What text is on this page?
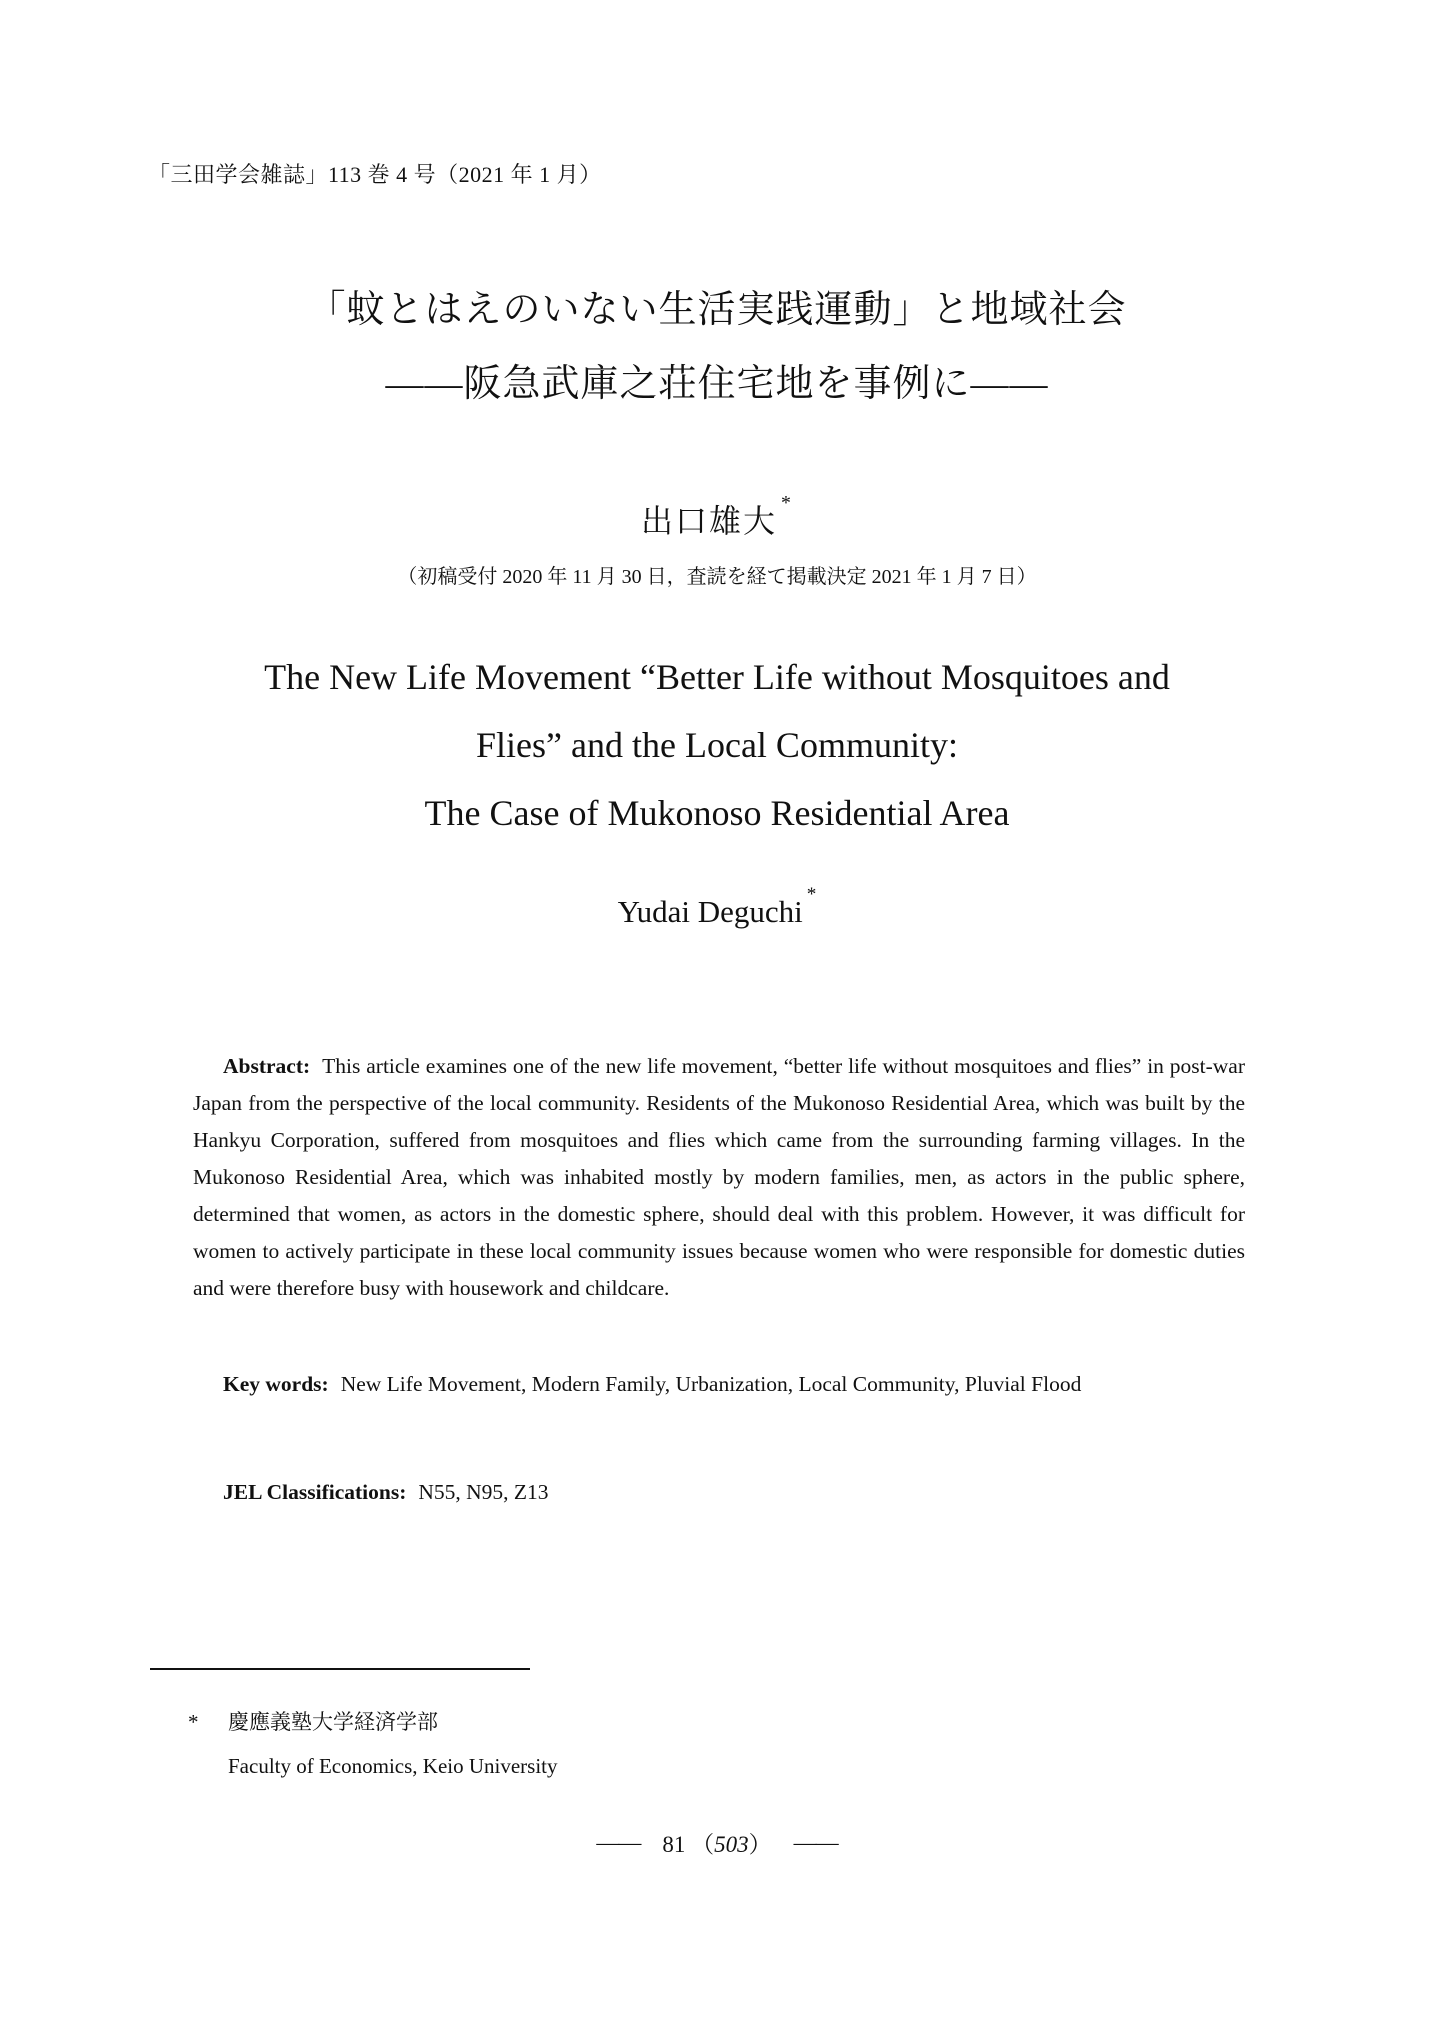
「三田学会雑誌」113 巻 4 号（2021 年 1 月）
「蚊とはえのいない生活実践運動」と地域社会
——阪急武庫之荘住宅地を事例に——
出口雄大 *
（初稿受付 2020 年 11 月 30 日，査読を経て掲載決定 2021 年 1 月 7 日）
The New Life Movement “Better Life without Mosquitoes and
Flies” and the Local Community:
The Case of Mukonoso Residential Area
Yudai Deguchi *

Abstract: This article examines one of the new life movement, “better life without mosquitoes and flies” in post-war Japan from the perspective of the local community. Residents of the Mukonoso Residential Area, which was built by the Hankyu Corporation, suffered from mosquitoes and flies which came from the surrounding farming villages. In the Mukonoso Residential Area, which was inhabited mostly by modern families, men, as actors in the public sphere, determined that women, as actors in the domestic sphere, should deal with this problem. However, it was difficult for women to actively participate in these local community issues because women who were responsible for domestic duties and were therefore busy with housework and childcare.

Key words: New Life Movement, Modern Family, Urbanization, Local Community, Pluvial Flood

JEL Classifications: N55, N95, Z13

*	慶應義塾大学経済学部
Faculty of Economics, Keio University
—— 81 （503） ——
